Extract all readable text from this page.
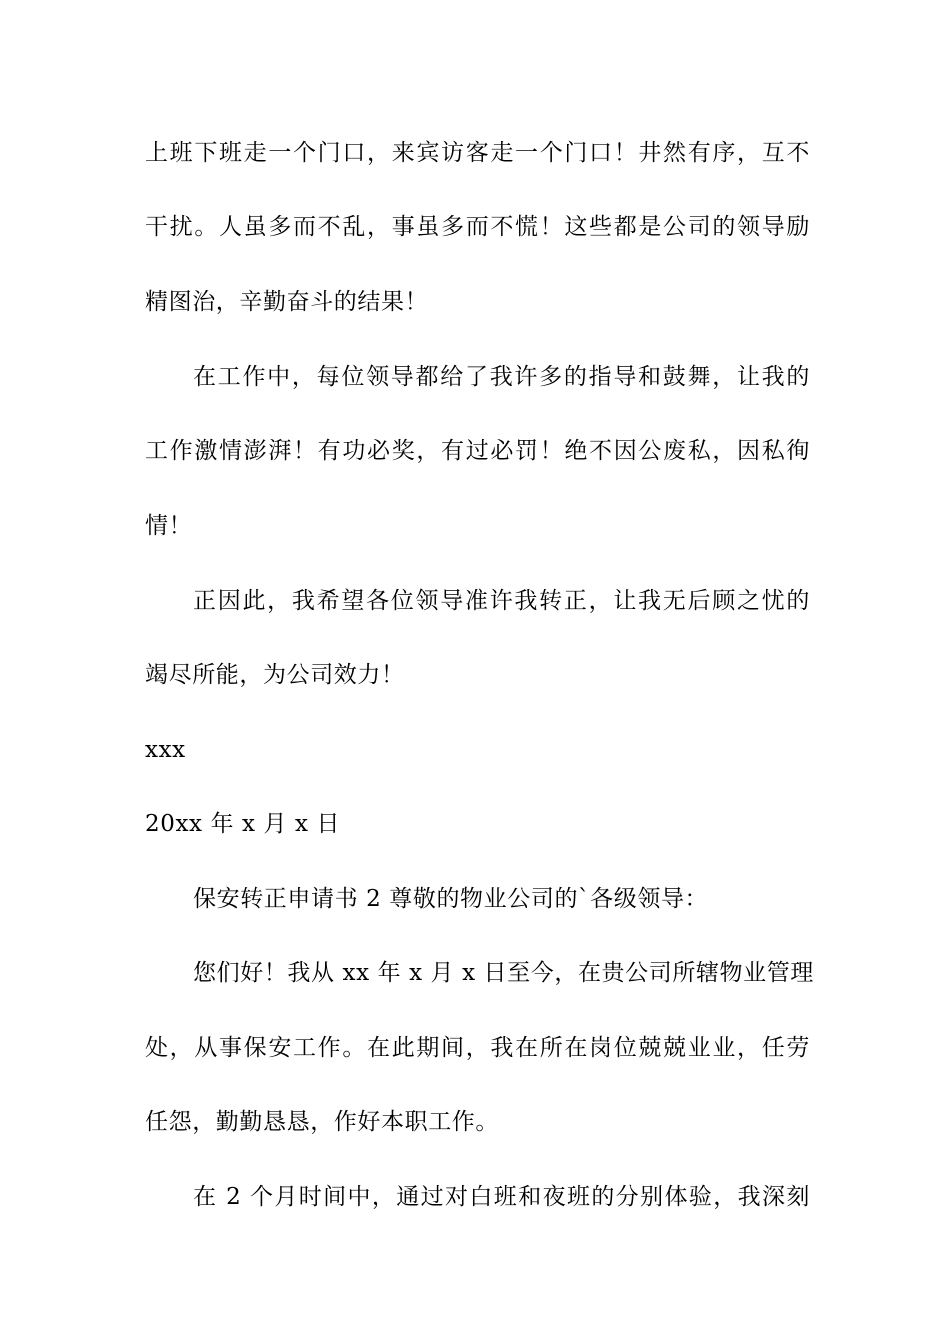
上班下班走一个门口，来宾访客走一个门口！井然有序，互不
干扰。人虽多而不乱，事虽多而不慌！这些都是公司的领导励
精图治，辛勤奋斗的结果！
在工作中，每位领导都给了我许多的指导和鼓舞，让我的
工作激情澎湃！有功必奖，有过必罚！绝不因公废私，因私徇
情！
正因此，我希望各位领导准许我转正，让我无后顾之忧的
竭尽所能，为公司效力！
xxx
20xx 年 x 月 x 日
保安转正申请书 2 尊敬的物业公司的`各级领导：
您们好！我从 xx 年 x 月 x 日至今，在贵公司所辖物业管理
处，从事保安工作。在此期间，我在所在岗位兢兢业业，任劳
任怨，勤勤恳恳，作好本职工作。
在 2 个月时间中，通过对白班和夜班的分别体验，我深刻
